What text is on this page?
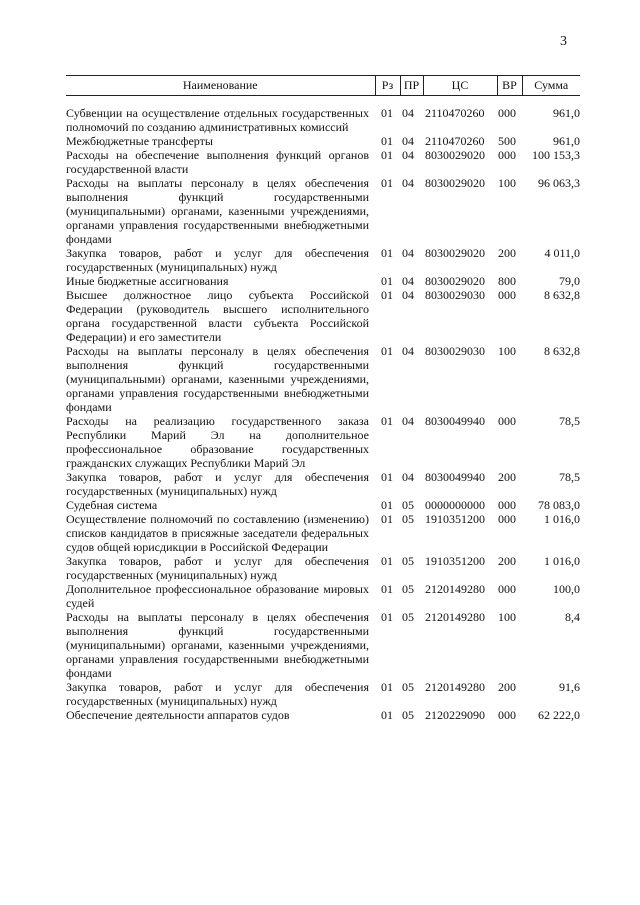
3
Наименование	Рз	ПР	ЦС	ВР	Сумма

Субвенции на осуществление отдельных государственных полномочий по созданию административных комиссий	01	04	2110470260	000	961,0
Межбюджетные трансферты	01	04	2110470260	500	961,0
Расходы на обеспечение выполнения функций органов государственной власти	01	04	8030029020	000	100 153,3
Расходы на выплаты персоналу в целях обеспечения выполнения функций государственными (муниципальными) органами, казенными учреждениями, органами управления государственными внебюджетными фондами	01	04	8030029020	100	96 063,3
Закупка товаров, работ и услуг для обеспечения государственных (муниципальных) нужд	01	04	8030029020	200	4 011,0
Иные бюджетные ассигнования	01	04	8030029020	800	79,0
Высшее должностное лицо субъекта Российской Федерации (руководитель высшего исполнительного органа государственной власти субъекта Российской Федерации) и его заместители	01	04	8030029030	000	8 632,8
Расходы на выплаты персоналу в целях обеспечения выполнения функций государственными (муниципальными) органами, казенными учреждениями, органами управления государственными внебюджетными фондами	01	04	8030029030	100	8 632,8
Расходы на реализацию государственного заказа Республики Марий Эл на дополнительное профессиональное образование государственных гражданских служащих Республики Марий Эл	01	04	8030049940	000	78,5
Закупка товаров, работ и услуг для обеспечения государственных (муниципальных) нужд	01	04	8030049940	200	78,5
Судебная система	01	05	0000000000	000	78 083,0
Осуществление полномочий по составлению (изменению) списков кандидатов в присяжные заседатели федеральных судов общей юрисдикции в Российской Федерации	01	05	1910351200	000	1 016,0
Закупка товаров, работ и услуг для обеспечения государственных (муниципальных) нужд	01	05	1910351200	200	1 016,0
Дополнительное профессиональное образование мировых судей	01	05	2120149280	000	100,0
Расходы на выплаты персоналу в целях обеспечения выполнения функций государственными (муниципальными) органами, казенными учреждениями, органами управления государственными внебюджетными фондами	01	05	2120149280	100	8,4
Закупка товаров, работ и услуг для обеспечения государственных (муниципальных) нужд	01	05	2120149280	200	91,6
Обеспечение деятельности аппаратов судов	01	05	2120229090	000	62 222,0
